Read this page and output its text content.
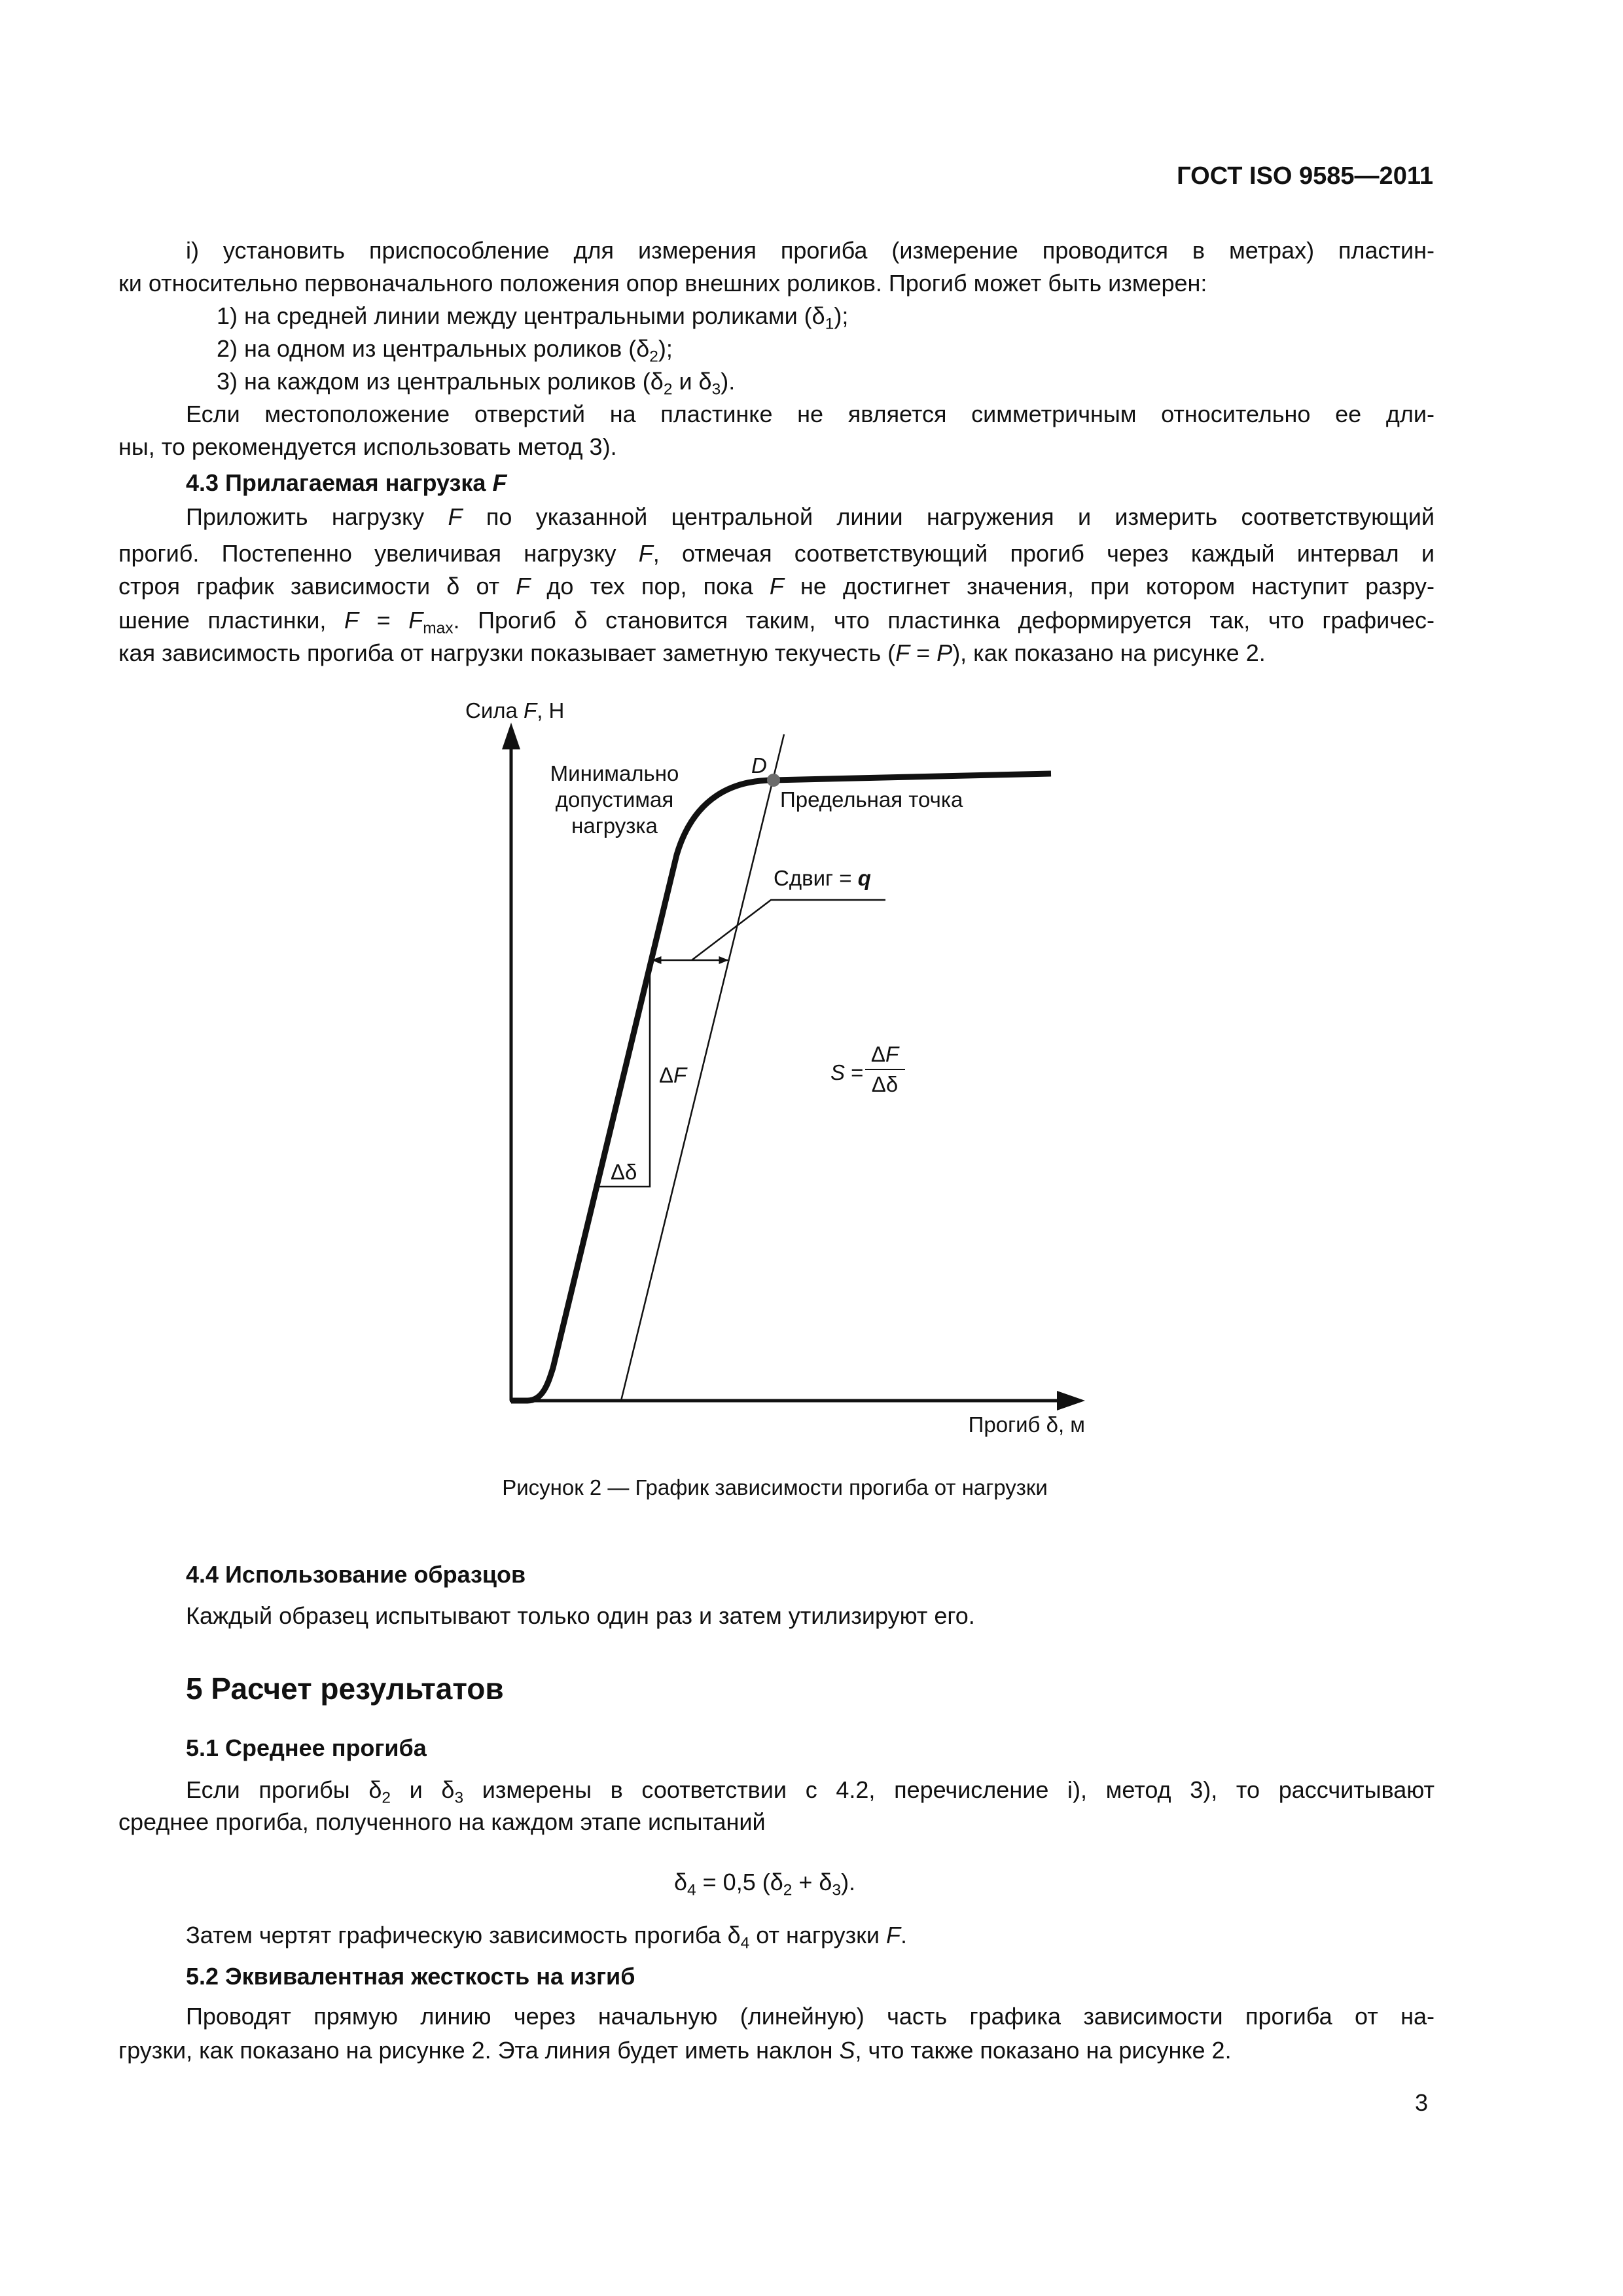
ГОСТ ISO 9585—2011
i) установить приспособление для измерения прогиба (измерение проводится в метрах) пластин-
ки относительно первоначального положения опор внешних роликов. Прогиб может быть измерен:
1) на средней линии между центральными роликами $(\delta_1)$;
2) на одном из центральных роликов $(\delta_2)$;
3) на каждом из центральных роликов ($\delta_2$ и $\delta_3$).
Если местоположение отверстий на пластинке не является симметричным относительно ее дли-
ны, то рекомендуется использовать метод 3).
4.3 Прилагаемая нагрузка F
Приложить нагрузку F по указанной центральной линии нагружения и измерить соответствующий
прогиб. Постепенно увеличивая нагрузку F, отмечая соответствующий прогиб через каждый интервал и
строя график зависимости δ от F до тех пор, пока F не достигнет значения, при котором наступит разру-
шение пластинки, $F = F_{max}$. Прогиб δ становится таким, что пластинка деформируется так, что графичес-
кая зависимость прогиба от нагрузки показывает заметную текучесть (F = P), как показано на рисунке 2.
Сила F, Н
Прогиб δ, м
Минимально
допустимая
нагрузка
D
Предельная точка
Сдвиг = q
ΔF
Δδ
S =
ΔF
Δδ
Рисунок 2 — График зависимости прогиба от нагрузки
4.4 Использование образцов
Каждый образец испытывают только один раз и затем утилизируют его.
5 Расчет результатов
5.1 Среднее прогиба
Если прогибы $\delta_2$ и $\delta_3$ измерены в соответствии с 4.2, перечисление i), метод 3), то рассчитывают
среднее прогиба, полученного на каждом этапе испытаний
$\delta_4 = 0,5$ $(\delta_2 + \delta_3)$.
Затем чертят графическую зависимость прогиба $\delta_4$ от нагрузки F.
5.2 Эквивалентная жесткость на изгиб
Проводят прямую линию через начальную (линейную) часть графика зависимости прогиба от на-
грузки, как показано на рисунке 2. Эта линия будет иметь наклон S, что также показано на рисунке 2.
3
